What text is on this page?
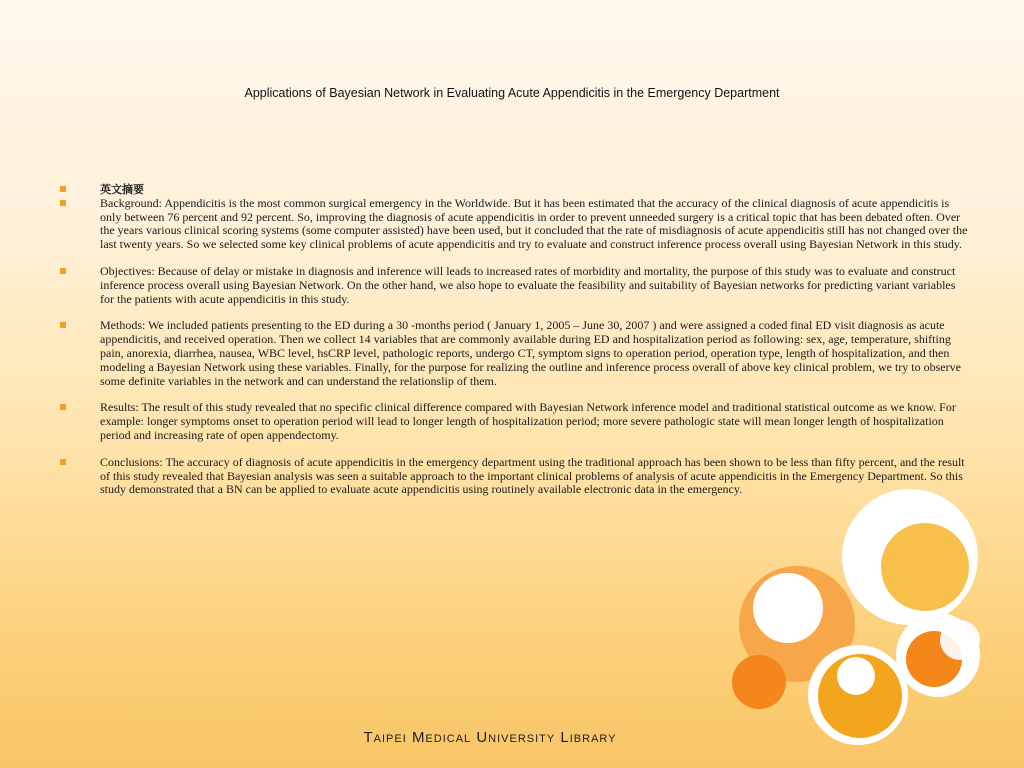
Applications of Bayesian Network in Evaluating Acute Appendicitis in the Emergency Department
英文摘要
Background: Appendicitis is the most common surgical emergency in the Worldwide. But it has been estimated that the accuracy of the clinical diagnosis of acute appendicitis is only between 76 percent and 92 percent. So, improving the diagnosis of acute appendicitis in order to prevent unneeded surgery is a critical topic that has been debated often. Over the years various clinical scoring systems (some computer assisted) have been used, but it concluded that the rate of misdiagnosis of acute appendicitis still has not changed over the last twenty years. So we selected some key clinical problems of acute appendicitis and try to evaluate and construct inference process overall using Bayesian Network in this study.
Objectives: Because of delay or mistake in diagnosis and inference will leads to increased rates of morbidity and mortality, the purpose of this study was to evaluate and construct inference process overall using Bayesian Network. On the other hand, we also hope to evaluate the feasibility and suitability of Bayesian networks for predicting variant variables for the patients with acute appendicitis in this study.
Methods: We included patients presenting to the ED during a 30 -months period ( January 1, 2005 – June 30, 2007 ) and were assigned a coded final ED visit diagnosis as acute appendicitis, and received operation. Then we collect 14 variables that are commonly available during ED and hospitalization period as following: sex, age, temperature, shifting pain, anorexia, diarrhea, nausea, WBC level, hsCRP level, pathologic reports, undergo CT, symptom signs to operation period, operation type, length of hospitalization, and then modeling a Bayesian Network using these variables. Finally, for the purpose for realizing the outline and inference process overall of above key clinical problem, we try to observe some definite variables in the network and can understand the relationslip of them.
Results: The result of this study revealed that no specific clinical difference compared with Bayesian Network inference model and traditional statistical outcome as we know. For example: longer symptoms onset to operation period will lead to longer length of hospitalization period; more severe pathologic state will mean longer length of hospitalization period and increasing rate of open appendectomy.
Conclusions: The accuracy of diagnosis of acute appendicitis in the emergency department using the traditional approach has been shown to be less than fifty percent, and the result of this study revealed that Bayesian analysis was seen a suitable approach to the important clinical problems of analysis of acute appendicitis in the Emergency Department. So this study demonstrated that a BN can be applied to evaluate acute appendicitis using routinely available electronic data in the emergency.
Taipei Medical University Library
